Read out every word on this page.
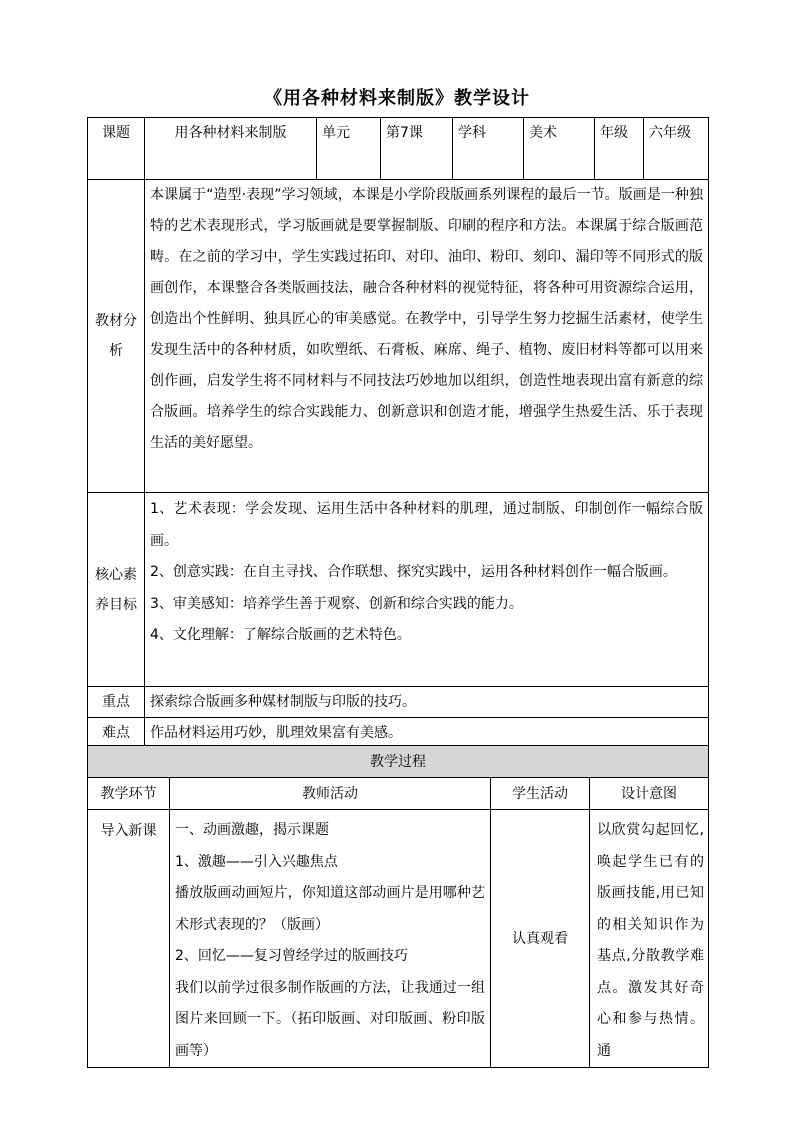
《用各种材料来制版》教学设计
课题	用各种材料来制版	单元	第7课	学科	美术	年级	六年级
教材分析	本课属于“造型·表现”学习领域，本课是小学阶段版画系列课程的最后一节。版画是一种独特的艺术表现形式，学习版画就是要掌握制版、印刷的程序和方法。本课属于综合版画范畴。在之前的学习中，学生实践过拓印、对印、油印、粉印、刻印、漏印等不同形式的版画创作，本课整合各类版画技法，融合各种材料的视觉特征，将各种可用资源综合运用，创造出个性鲜明、独具匠心的审美感觉。在教学中，引导学生努力挖掘生活素材，使学生发现生活中的各种材质，如吹塑纸、石膏板、麻席、绳子、植物、废旧材料等都可以用来创作画，启发学生将不同材料与不同技法巧妙地加以组织，创造性地表现出富有新意的综合版画。培养学生的综合实践能力、创新意识和创造才能，增强学生热爱生活、乐于表现生活的美好愿望。						

核心素养目标	1、艺术表现：学会发现、运用生活中各种材料的肌理，通过制版、印制创作一幅综合版画。

2、创意实践：在自主寻找、合作联想、探究实践中，运用各种材料创作一幅合版画。

3、审美感知：培养学生善于观察、创新和综合实践的能力。

4、文化理解：了解综合版画的艺术特色。						

重点	探索综合版画多种媒材制版与印版的技巧。						
难点	作品材料运用巧妙，肌理效果富有美感。						
教学过程			
教学环节	教师活动	学生活动	设计意图
导入新课	一、动画激趣，揭示课题

1、激趣——引入兴趣焦点

播放版画动画短片，你知道这部动画片是用哪种艺术形式表现的？（版画）

2、回忆——复习曾经学过的版画技巧

我们以前学过很多制作版画的方法，让我通过一组图片来回顾一下。（拓印版画、对印版画、粉印版画等）	认真观看	以欣赏勾起回忆,唤起学生已有的版画技能,用已知的相关知识作为基点,分散教学难点。激发其好奇心和参与热情。通
